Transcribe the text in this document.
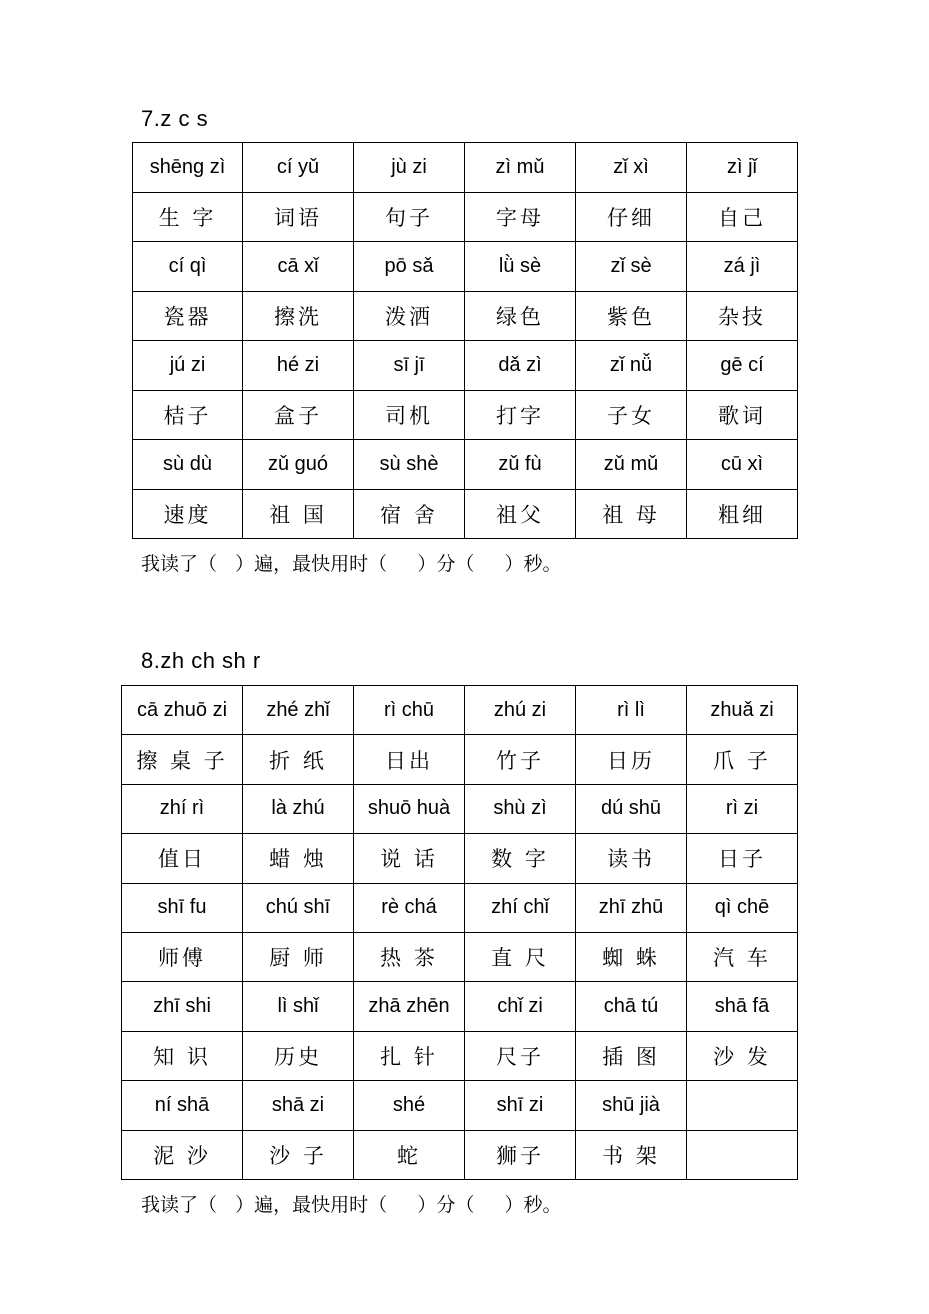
7.z c s
shēng zì	cí yǔ	jù zi	zì mǔ	zǐ xì	zì jǐ
生 字	词语	句子	字母	仔细	自己
cí qì	cā xǐ	pō sǎ	lǜ sè	zǐ sè	zá jì
瓷器	擦洗	泼洒	绿色	紫色	杂技
jú zi	hé zi	sī jī	dǎ zì	zǐ nǚ	gē cí
桔子	盒子	司机	打字	子女	歌词
sù dù	zǔ guó	sù shè	zǔ fù	zǔ mǔ	cū xì
速度	祖 国	宿 舍	祖父	祖 母	粗细
我读了（   ）遍，最快用时（     ）分（     ）秒。
8.zh ch sh r
cā zhuō zi	zhé zhǐ	rì chū	zhú zi	rì lì	zhuǎ zi
擦 桌 子	折 纸	日出	竹子	日历	爪 子
zhí rì	là zhú	shuō huà	shù zì	dú shū	rì zi
值日	蜡 烛	说 话	数 字	读书	日子
shī fu	chú shī	rè chá	zhí chǐ	zhī zhū	qì chē
师傅	厨 师	热 茶	直 尺	蜘 蛛	汽 车
zhī shi	lì shǐ	zhā zhēn	chǐ zi	chā tú	shā fā
知 识	历史	扎 针	尺子	插 图	沙 发
ní shā	shā zi	shé	shī zi	shū jià	
泥 沙	沙 子	蛇	狮子	书 架	
我读了（   ）遍，最快用时（     ）分（     ）秒。
